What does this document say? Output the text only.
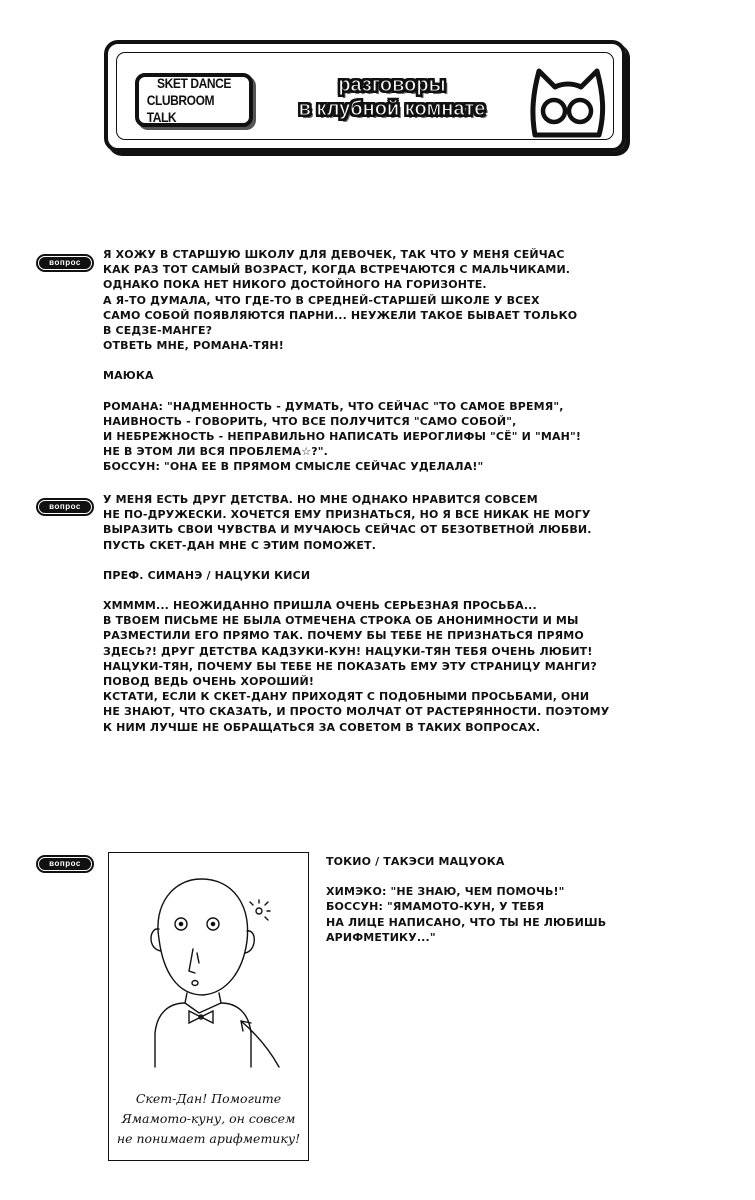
SKET DANCE
CLUBROOM TALK
разговоры
в клубной комнате
вопрос
Я ХОЖУ В СТАРШУЮ ШКОЛУ ДЛЯ ДЕВОЧЕК, ТАК ЧТО У МЕНЯ СЕЙЧАС
КАК РАЗ ТОТ САМЫЙ ВОЗРАСТ, КОГДА ВСТРЕЧАЮТСЯ С МАЛЬЧИКАМИ.
ОДНАКО ПОКА НЕТ НИКОГО ДОСТОЙНОГО НА ГОРИЗОНТЕ.
А Я-ТО ДУМАЛА, ЧТО ГДЕ-ТО В СРЕДНЕЙ-СТАРШЕЙ ШКОЛЕ У ВСЕХ
САМО СОБОЙ ПОЯВЛЯЮТСЯ ПАРНИ... НЕУЖЕЛИ ТАКОЕ БЫВАЕТ ТОЛЬКО
В СЕДЗЕ-МАНГЕ?
ОТВЕТЬ МНЕ, РОМАНА-ТЯН!
МАЮКА
РОМАНА: "НАДМЕННОСТЬ - ДУМАТЬ, ЧТО СЕЙЧАС "ТО САМОЕ ВРЕМЯ",
НАИВНОСТЬ - ГОВОРИТЬ, ЧТО ВСЕ ПОЛУЧИТСЯ "САМО СОБОЙ",
И НЕБРЕЖНОСТЬ - НЕПРАВИЛЬНО НАПИСАТЬ ИЕРОГЛИФЫ "СЁ" И "МАН"!
НЕ В ЭТОМ ЛИ ВСЯ ПРОБЛЕМА☆?".
БОССУН: "ОНА ЕЕ В ПРЯМОМ СМЫСЛЕ СЕЙЧАС УДЕЛАЛА!"
вопрос
У МЕНЯ ЕСТЬ ДРУГ ДЕТСТВА. НО МНЕ ОДНАКО НРАВИТСЯ СОВСЕМ
НЕ ПО-ДРУЖЕСКИ. ХОЧЕТСЯ ЕМУ ПРИЗНАТЬСЯ, НО Я ВСЕ НИКАК НЕ МОГУ
ВЫРАЗИТЬ СВОИ ЧУВСТВА И МУЧАЮСЬ СЕЙЧАС ОТ БЕЗОТВЕТНОЙ ЛЮБВИ.
ПУСТЬ СКЕТ-ДАН МНЕ С ЭТИМ ПОМОЖЕТ.
ПРЕФ. СИМАНЭ / НАЦУКИ КИСИ
ХММММ... НЕОЖИДАННО ПРИШЛА ОЧЕНЬ СЕРЬЕЗНАЯ ПРОСЬБА...
В ТВОЕМ ПИСЬМЕ НЕ БЫЛА ОТМЕЧЕНА СТРОКА ОБ АНОНИМНОСТИ И МЫ
РАЗМЕСТИЛИ ЕГО ПРЯМО ТАК. ПОЧЕМУ БЫ ТЕБЕ НЕ ПРИЗНАТЬСЯ ПРЯМО
ЗДЕСЬ?! ДРУГ ДЕТСТВА КАДЗУКИ-КУН! НАЦУКИ-ТЯН ТЕБЯ ОЧЕНЬ ЛЮБИТ!
НАЦУКИ-ТЯН, ПОЧЕМУ БЫ ТЕБЕ НЕ ПОКАЗАТЬ ЕМУ ЭТУ СТРАНИЦУ МАНГИ?
ПОВОД ВЕДЬ ОЧЕНЬ ХОРОШИЙ!
КСТАТИ, ЕСЛИ К СКЕТ-ДАНУ ПРИХОДЯТ С ПОДОБНЫМИ ПРОСЬБАМИ, ОНИ
НЕ ЗНАЮТ, ЧТО СКАЗАТЬ, И ПРОСТО МОЛЧАТ ОТ РАСТЕРЯННОСТИ. ПОЭТОМУ
К НИМ ЛУЧШЕ НЕ ОБРАЩАТЬСЯ ЗА СОВЕТОМ В ТАКИХ ВОПРОСАХ.
вопрос
Скет-Дан! Помогите
Ямамото-куну, он совсем
не понимает арифметику!
ТОКИО / ТАКЭСИ МАЦУОКА
ХИМЭКО: "НЕ ЗНАЮ, ЧЕМ ПОМОЧЬ!"
БОССУН: "ЯМАМОТО-КУН, У ТЕБЯ
НА ЛИЦЕ НАПИСАНО, ЧТО ТЫ НЕ ЛЮБИШЬ
АРИФМЕТИКУ..."
